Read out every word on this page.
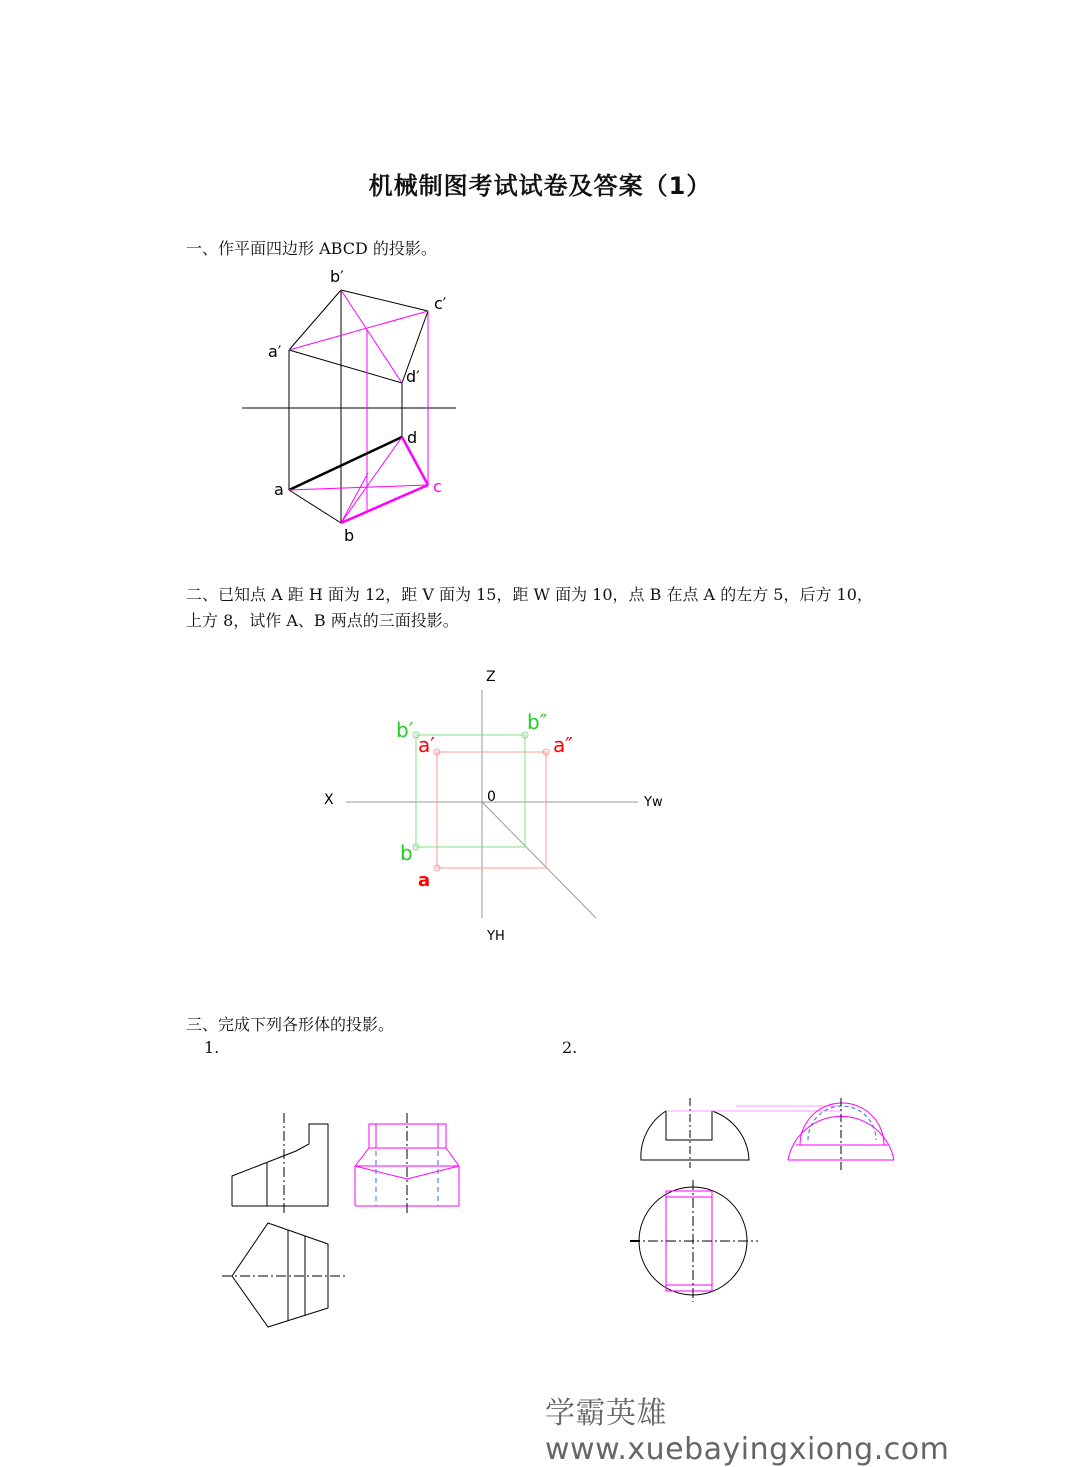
机械制图考试试卷及答案（1）
一、作平面四边形 ABCD 的投影。
二、已知点 A 距 H 面为 12，距 V 面为 15，距 W 面为 10，点 B 在点 A 的左方 5，后方 10，
上方 8，试作 A、B 两点的三面投影。
三、完成下列各形体的投影。
1.	2.
b′
c′
a′
d′
d
a	c
b
Z
X	0	Yw
YH
b′	b″
a′	a″
b
a
学霸英雄 www.xuebayingxiong.com
